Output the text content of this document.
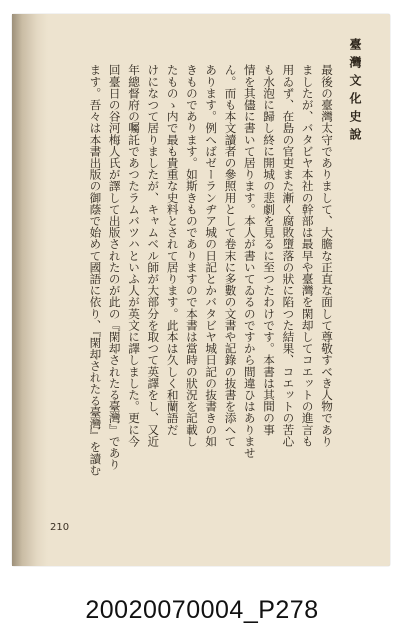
臺灣文化史說

最後の臺灣太守でありまして、大膽な正直な面して尊敬すべき人物であり

ましたが、バタビヤ本社の幹部は最早や臺灣を閑却してコエットの進言も

用ゐず、在島の官吏また漸く腐敗墮落の狀に陷つた結果、コエットの苦心

も水泡に歸し終に開城の悲劇を見るに至つたわけです。本書は其間の事

情を其儘に書いて居ります。本人が書いてゐるのですから間違ひはありませ

ん。而も本文讀者の參照用として卷末に多數の文書や記錄の抜書を添へて

あります。例へばゼーランヂア城の日記とかバタビヤ城日記の抜書きの如

きものであります。如斯きものでありますので本書は當時の狀況を記載し

たものゝ内で最も貴重な史料とされて居ります。此本は久しく和蘭語だ

けになつて居りましたが、キャムベル師が大部分を取つて英譯をし、又近

年總督府の囑託であつたラムバツハといふ人が英文に譯しました。更に今

回臺日の谷河梅人氏が譯して出版されたのが此の『閑却されたる臺灣』であり

ます。吾々は本書出版の御蔭で始めて國語に依り、『閑却されたる臺灣』を讀む

210
20020070004_P278
